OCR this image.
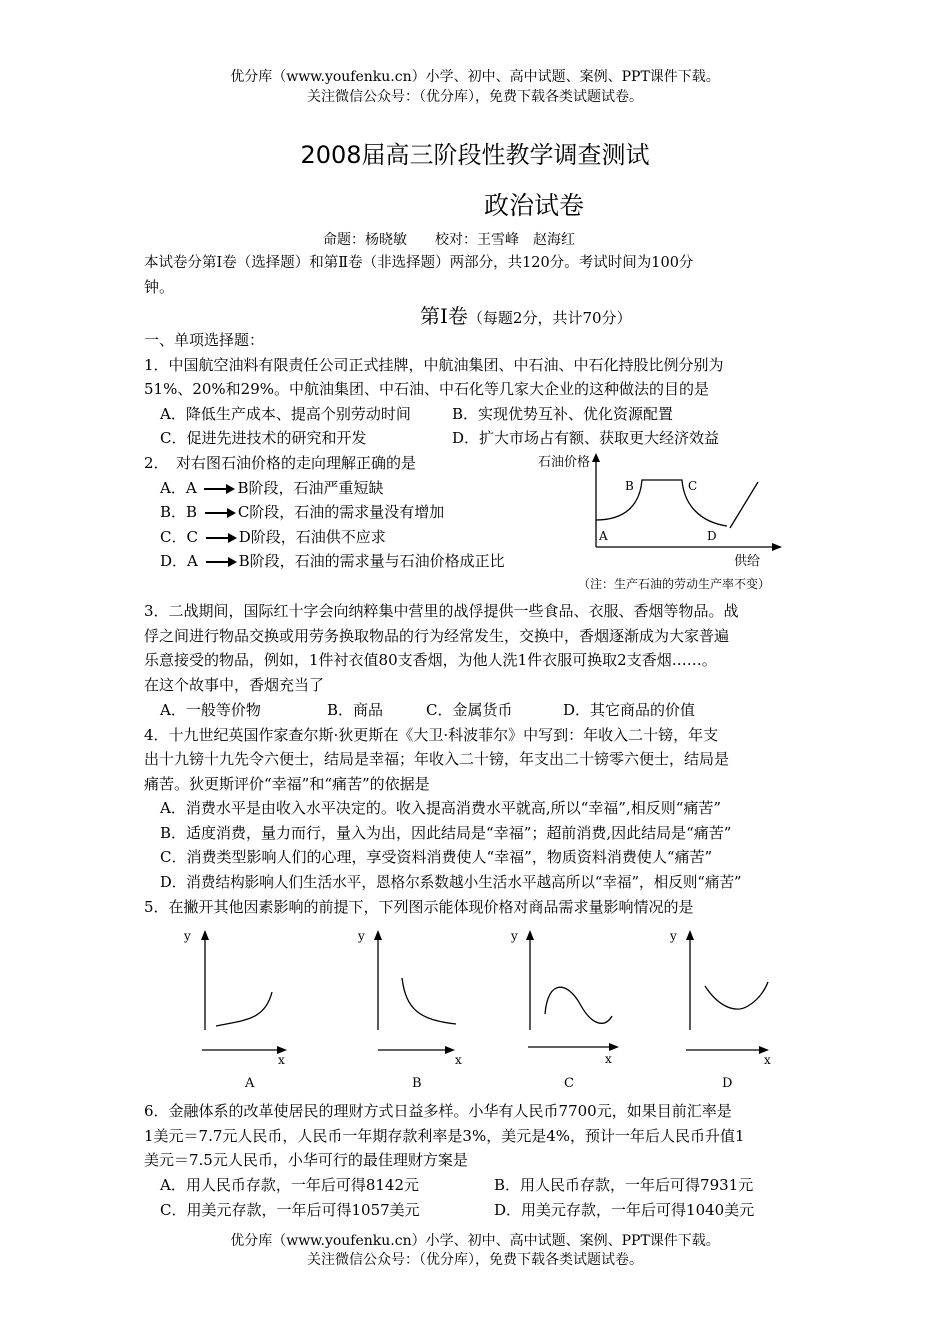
优分库（www.youfenku.cn）小学、初中、高中试题、案例、PPT课件下载。
关注微信公众号：（优分库），免费下载各类试题试卷。
2008届高三阶段性教学调查测试
政治试卷
命题：杨晓敏　　校对：王雪峰　赵海红
本试卷分第Ⅰ卷（选择题）和第Ⅱ卷（非选择题）两部分，共120分。考试时间为100分
钟。
第Ⅰ卷（每题2分，共计70分）
一、单项选择题：
1．中国航空油料有限责任公司正式挂牌，中航油集团、中石油、中石化持股比例分别为
51%、20%和29%。中航油集团、中石油、中石化等几家大企业的这种做法的目的是
A．降低生产成本、提高个别劳动时间	B．实现优势互补、优化资源配置
C．促进先进技术的研究和开发	D．扩大市场占有额、获取更大经济效益
2．　对右图石油价格的走向理解正确的是
A．A	B阶段，石油严重短缺
B．B	C阶段，石油的需求量没有增加
C．C	D阶段，石油供不应求
D．A	B阶段，石油的需求量与石油价格成正比
石油价格
A
B	C
D
供给
（注：生产石油的劳动生产率不变）
3．二战期间，国际红十字会向纳粹集中营里的战俘提供一些食品、衣服、香烟等物品。战
俘之间进行物品交换或用劳务换取物品的行为经常发生，交换中，香烟逐渐成为大家普遍
乐意接受的物品，例如，1件衬衣值80支香烟，为他人洗1件衣服可换取2支香烟……。
在这个故事中，香烟充当了
A．一般等价物	B．商品	C．金属货币	D．其它商品的价值
4．十九世纪英国作家查尔斯·狄更斯在《大卫·科波菲尔》中写到：年收入二十镑，年支
出十九镑十九先令六便士，结局是幸福；年收入二十镑，年支出二十镑零六便士，结局是
痛苦。狄更斯评价“幸福”和“痛苦”的依据是
A．消费水平是由收入水平决定的。收入提高消费水平就高,所以“幸福”,相反则“痛苦”
B．适度消费，量力而行，量入为出，因此结局是“幸福”；超前消费,因此结局是“痛苦”
C．消费类型影响人们的心理，享受资料消费使人“幸福”，物质资料消费使人“痛苦”
D．消费结构影响人们生活水平，恩格尔系数越小生活水平越高所以“幸福”，相反则“痛苦”
5．在撇开其他因素影响的前提下，下列图示能体现价格对商品需求量影响情况的是
y
x
A
y
x
B
y
x
C
y
x
D
6．金融体系的改革使居民的理财方式日益多样。小华有人民币7700元，如果目前汇率是
1美元＝7.7元人民币，人民币一年期存款利率是3%，美元是4%，预计一年后人民币升值1
美元＝7.5元人民币，小华可行的最佳理财方案是
A．用人民币存款，一年后可得8142元	B．用人民币存款，一年后可得7931元
C．用美元存款，一年后可得1057美元	D．用美元存款，一年后可得1040美元
优分库（www.youfenku.cn）小学、初中、高中试题、案例、PPT课件下载。
关注微信公众号：（优分库），免费下载各类试题试卷。
